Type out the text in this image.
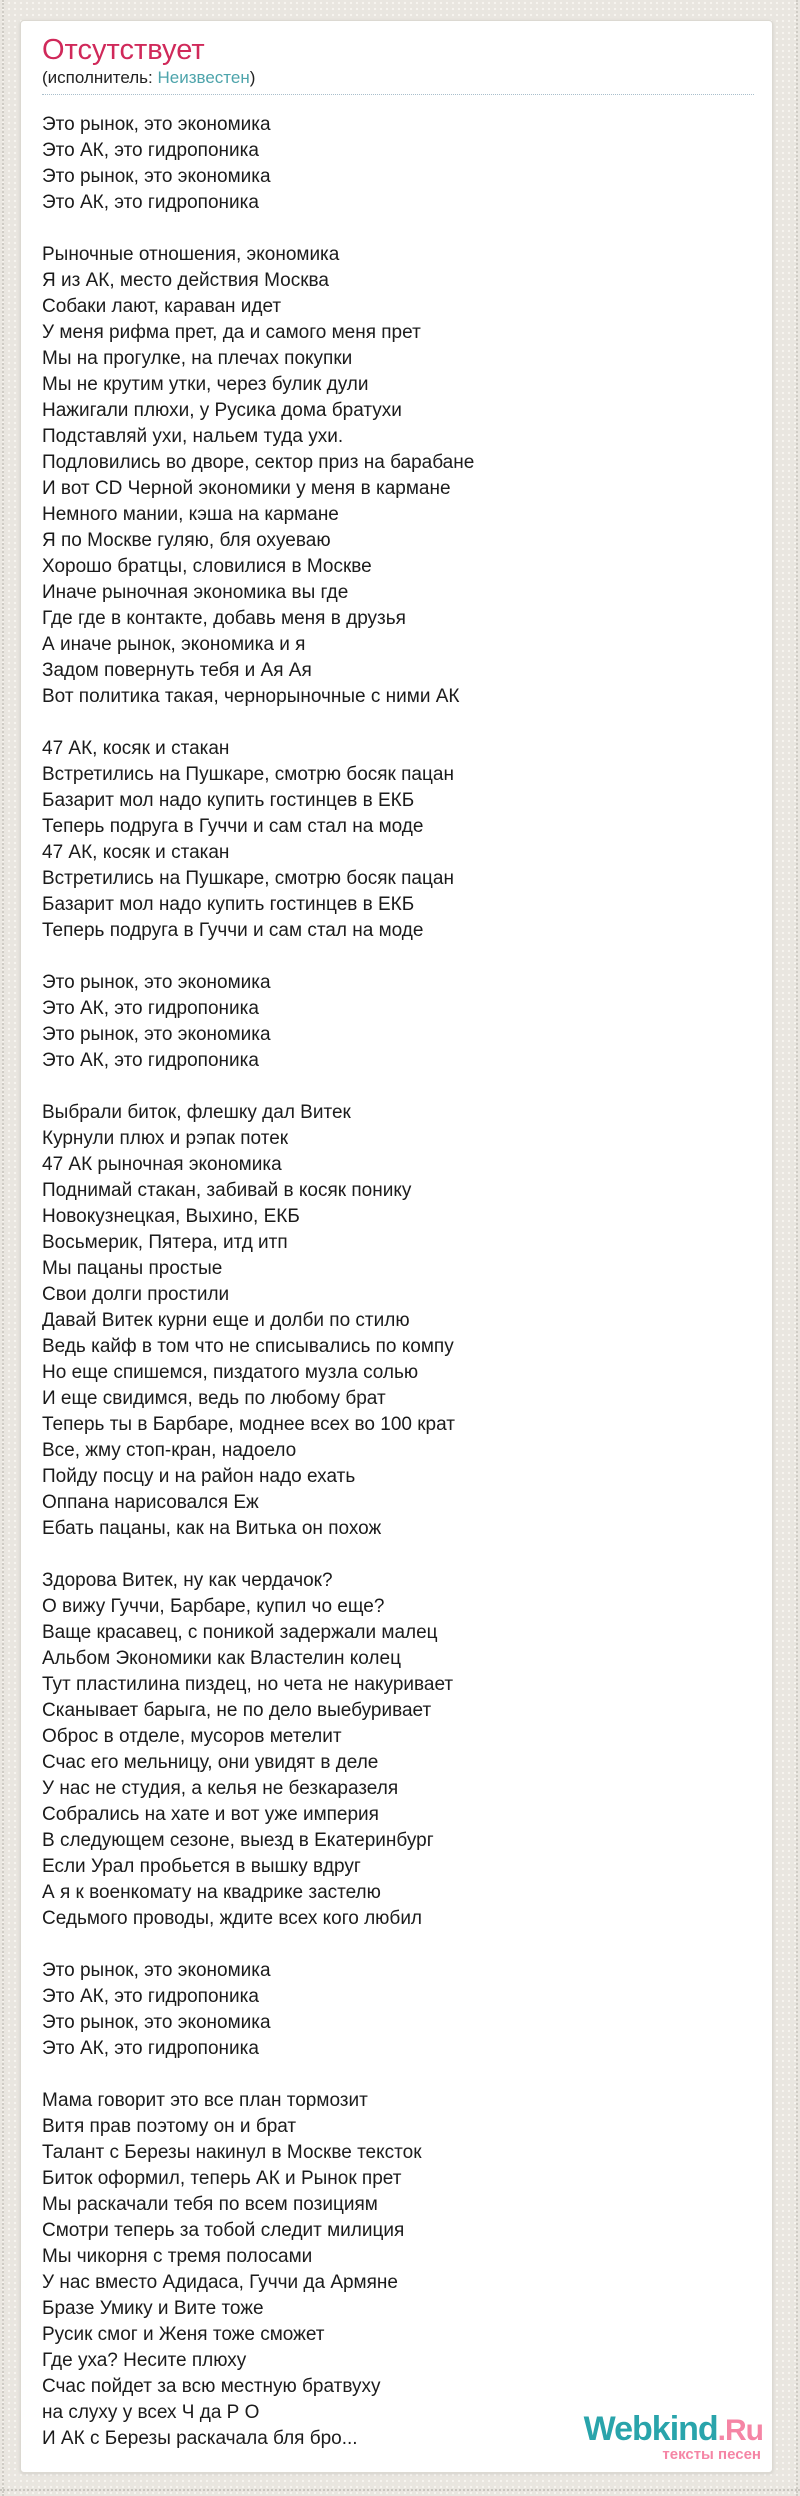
Отсутствует
(исполнитель: Неизвестен)
Это рынок, это экономика
Это АК, это гидропоника
Это рынок, это экономика
Это АК, это гидропоника
Рыночные отношения, экономика
Я из АК, место действия Москва
Собаки лают, караван идет
У меня рифма прет, да и самого меня прет
Мы на прогулке, на плечах покупки
Мы не крутим утки, через булик дули
Нажигали плюхи, у Русика дома братухи
Подставляй ухи, нальем туда ухи.
Подловились во дворе, сектор приз на барабане
И вот CD Черной экономики у меня в кармане
Немного мании, кэша на кармане
Я по Москве гуляю, бля охуеваю
Хорошо братцы, словилися в Москве
Иначе рыночная экономика вы где
Где где в контакте, добавь меня в друзья
А иначе рынок, экономика и я
Задом повернуть тебя и Ая Ая
Вот политика такая, чернорыночные с ними АК
47 АК, косяк и стакан
Встретились на Пушкаре, смотрю босяк пацан
Базарит мол надо купить гостинцев в ЕКБ
Теперь подруга в Гуччи и сам стал на моде
47 АК, косяк и стакан
Встретились на Пушкаре, смотрю босяк пацан
Базарит мол надо купить гостинцев в ЕКБ
Теперь подруга в Гуччи и сам стал на моде
Это рынок, это экономика
Это АК, это гидропоника
Это рынок, это экономика
Это АК, это гидропоника
Выбрали биток, флешку дал Витек
Курнули плюх и рэпак потек
47 АК рыночная экономика
Поднимай стакан, забивай в косяк понику
Новокузнецкая, Выхино, ЕКБ
Восьмерик, Пятера, итд итп
Мы пацаны простые
Свои долги простили
Давай Витек курни еще и долби по стилю
Ведь кайф в том что не списывались по компу
Но еще спишемся, пиздатого музла солью
И еще свидимся, ведь по любому брат
Теперь ты в Барбаре, моднее всех во 100 крат
Все, жму стоп-кран, надоело
Пойду посцу и на район надо ехать
Оппана нарисовался Еж
Ебать пацаны, как на Витька он похож
Здорова Витек, ну как чердачок?
О вижу Гуччи, Барбаре, купил чо еще?
Ваще красавец, с поникой задержали малец
Альбом Экономики как Властелин колец
Тут пластилина пиздец, но чета не накуривает
Сканывает барыга, не по дело выебуривает
Оброс в отделе, мусоров метелит
Счас его мельницу, они увидят в деле
У нас не студия, а келья не безкаразеля
Собрались на хате и вот уже империя
В следующем сезоне, выезд в Екатеринбург
Если Урал пробьется в вышку вдруг
А я к военкомату на квадрике застелю
Седьмого проводы, ждите всех кого любил
Это рынок, это экономика
Это АК, это гидропоника
Это рынок, это экономика
Это АК, это гидропоника
Мама говорит это все план тормозит
Витя прав поэтому он и брат
Талант с Березы накинул в Москве тексток
Биток оформил, теперь АК и Рынок прет
Мы раскачали тебя по всем позициям
Смотри теперь за тобой следит милиция
Мы чикорня с тремя полосами
У нас вместо Адидаса, Гуччи да Армяне
Бразе Умику и Вите тоже
Русик смог и Женя тоже сможет
Где уха? Несите плюху
Счас пойдет за всю местную братвуху
на слуху у всех Ч да Р О
И АК с Березы раскачала бля бро...	Webkind.Ru
тексты песен
